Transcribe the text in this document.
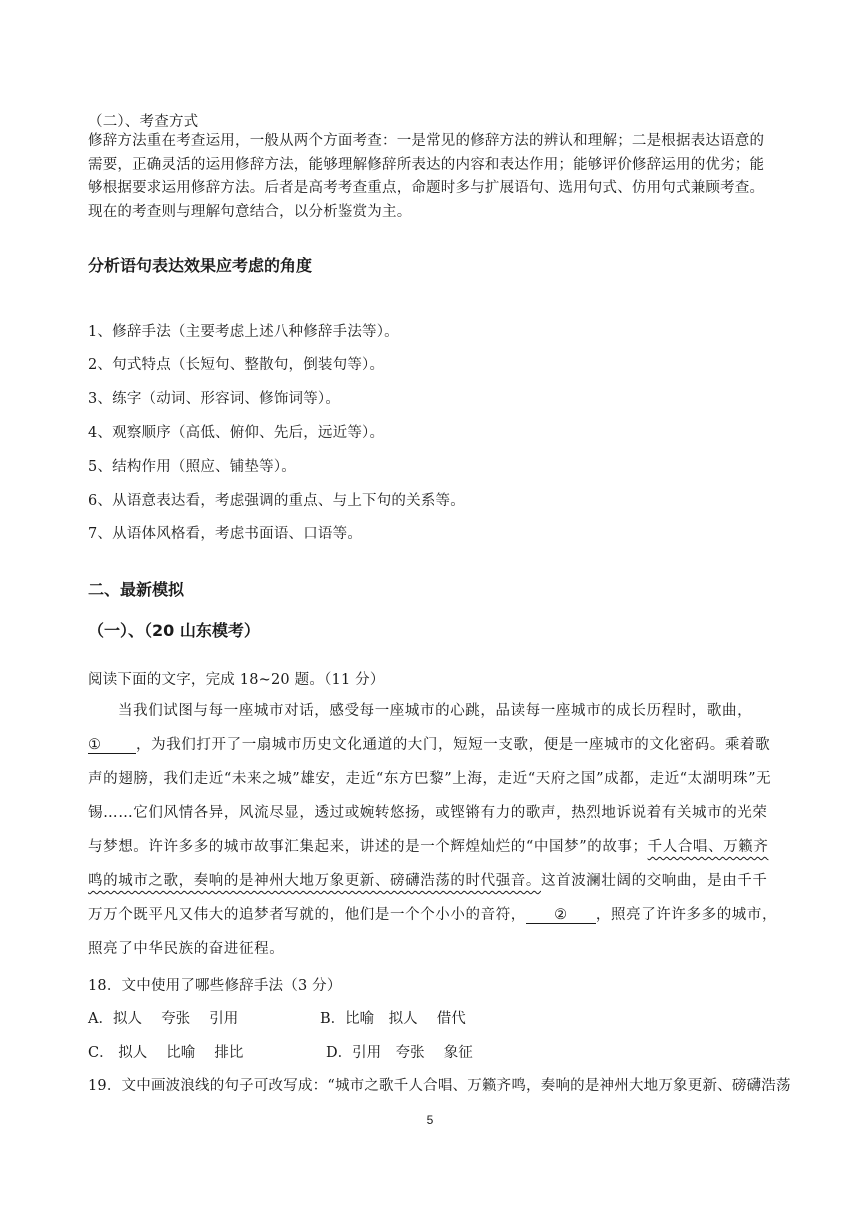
（二）、考查方式
修辞方法重在考查运用，一般从两个方面考查：一是常见的修辞方法的辨认和理解；二是根据表达语意的需要，正确灵活的运用修辞方法，能够理解修辞所表达的内容和表达作用；能够评价修辞运用的优劣；能够根据要求运用修辞方法。后者是高考考查重点，命题时多与扩展语句、选用句式、仿用句式兼顾考查。现在的考查则与理解句意结合，以分析鉴赏为主。
分析语句表达效果应考虑的角度
1、修辞手法（主要考虑上述八种修辞手法等）。
2、句式特点（长短句、整散句，倒装句等）。
3、练字（动词、形容词、修饰词等）。
4、观察顺序（高低、俯仰、先后，远近等）。
5、结构作用（照应、铺垫等）。
6、从语意表达看，考虑强调的重点、与上下句的关系等。
7、从语体风格看，考虑书面语、口语等。
二、最新模拟
（一）、（20 山东模考）
阅读下面的文字，完成 18~20 题。（11 分）
当我们试图与每一座城市对话，感受每一座城市的心跳，品读每一座城市的成长历程时，歌曲，① ，为我们打开了一扇城市历史文化通道的大门，短短一支歌，便是一座城市的文化密码。乘着歌声的翅膀，我们走近“未来之城”雄安，走近“东方巴黎”上海，走近“天府之国”成都，走近“太湖明珠”无锡……它们风情各异，风流尽显，透过或婉转悠扬，或铿锵有力的歌声，热烈地诉说着有关城市的光荣与梦想。许许多多的城市故事汇集起来，讲述的是一个辉煌灿烂的“中国梦”的故事；千人合唱、万籁齐鸣的城市之歌，奏响的是神州大地万象更新、磅礴浩荡的时代强音。这首波澜壮阔的交响曲，是由千千万万个既平凡又伟大的追梦者写就的，他们是一个个小小的音符， ② ，照亮了许许多多的城市，照亮了中华民族的奋进征程。
18．文中使用了哪些修辞手法（3 分）
A．拟人　 夸张　 引用	B．比喻　拟人　 借代
C． 拟人　 比喻　 排比	D．引用　夸张　 象征
19．文中画波浪线的句子可改写成：“城市之歌千人合唱、万籁齐鸣，奏响的是神州大地万象更新、磅礴浩荡
5
